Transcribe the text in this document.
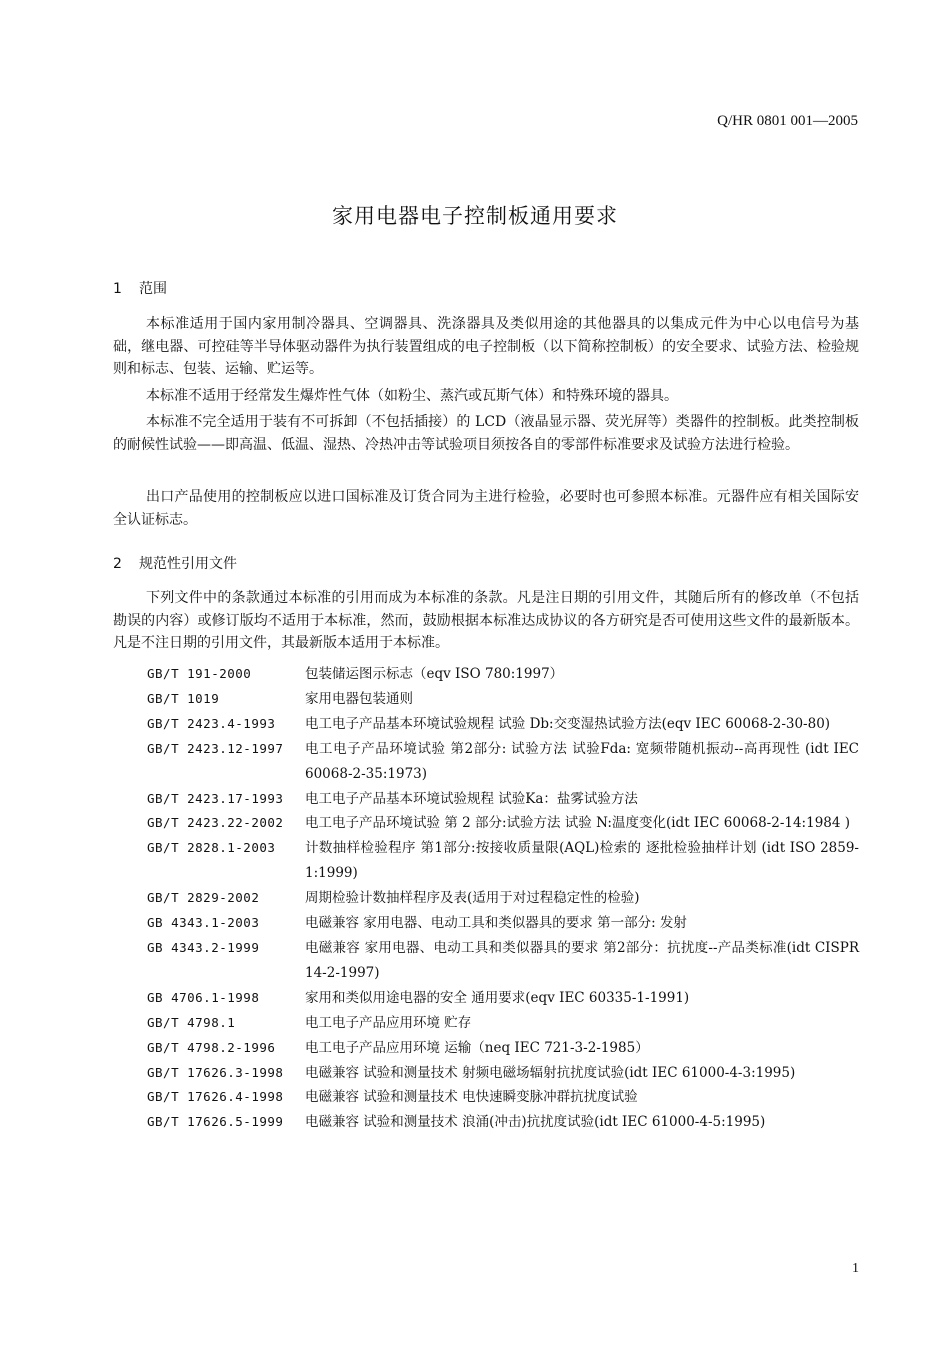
Q/HR 0801 001—2005
家用电器电子控制板通用要求
1 范围

本标准适用于国内家用制冷器具、空调器具、洗涤器具及类似用途的其他器具的以集成元件为中心以电信号为基础，继电器、可控硅等半导体驱动器件为执行装置组成的电子控制板（以下简称控制板）的安全要求、试验方法、检验规则和标志、包装、运输、贮运等。

本标准不适用于经常发生爆炸性气体（如粉尘、蒸汽或瓦斯气体）和特殊环境的器具。

本标准不完全适用于装有不可拆卸（不包括插接）的 LCD（液晶显示器、荧光屏等）类器件的控制板。此类控制板的耐候性试验——即高温、低温、湿热、冷热冲击等试验项目须按各自的零部件标准要求及试验方法进行检验。

出口产品使用的控制板应以进口国标准及订货合同为主进行检验，必要时也可参照本标准。元器件应有相关国际安全认证标志。

2 规范性引用文件

下列文件中的条款通过本标准的引用而成为本标准的条款。凡是注日期的引用文件，其随后所有的修改单（不包括勘误的内容）或修订版均不适用于本标准，然而，鼓励根据本标准达成协议的各方研究是否可使用这些文件的最新版本。凡是不注日期的引用文件，其最新版本适用于本标准。

GB/T 191-2000	包装储运图示标志（eqv ISO 780:1997）
GB/T 1019	家用电器包装通则
GB/T 2423.4-1993	电工电子产品基本环境试验规程 试验 Db:交变湿热试验方法(eqv IEC 60068-2-30-80)
GB/T 2423.12-1997	电工电子产品环境试验 第2部分: 试验方法 试验Fda: 宽频带随机振动--高再现性 (idt IEC 60068-2-35:1973)
GB/T 2423.17-1993	电工电子产品基本环境试验规程 试验Ka：盐雾试验方法
GB/T 2423.22-2002	电工电子产品环境试验 第 2 部分:试验方法 试验 N:温度变化(idt IEC 60068-2-14:1984 )
GB/T 2828.1-2003	计数抽样检验程序 第1部分:按接收质量限(AQL)检索的 逐批检验抽样计划 (idt ISO 2859-1:1999)
GB/T 2829-2002	周期检验计数抽样程序及表(适用于对过程稳定性的检验)
GB 4343.1-2003	电磁兼容 家用电器、电动工具和类似器具的要求 第一部分: 发射
GB 4343.2-1999	电磁兼容 家用电器、电动工具和类似器具的要求 第2部分：抗扰度--产品类标准(idt CISPR 14-2-1997)
GB 4706.1-1998	家用和类似用途电器的安全 通用要求(eqv IEC 60335-1-1991)
GB/T 4798.1	电工电子产品应用环境 贮存
GB/T 4798.2-1996	电工电子产品应用环境 运输（neq IEC 721-3-2-1985）
GB/T 17626.3-1998	电磁兼容 试验和测量技术 射频电磁场辐射抗扰度试验(idt IEC 61000-4-3:1995)
GB/T 17626.4-1998	电磁兼容 试验和测量技术 电快速瞬变脉冲群抗扰度试验
GB/T 17626.5-1999	电磁兼容 试验和测量技术 浪涌(冲击)抗扰度试验(idt IEC 61000-4-5:1995)
1
